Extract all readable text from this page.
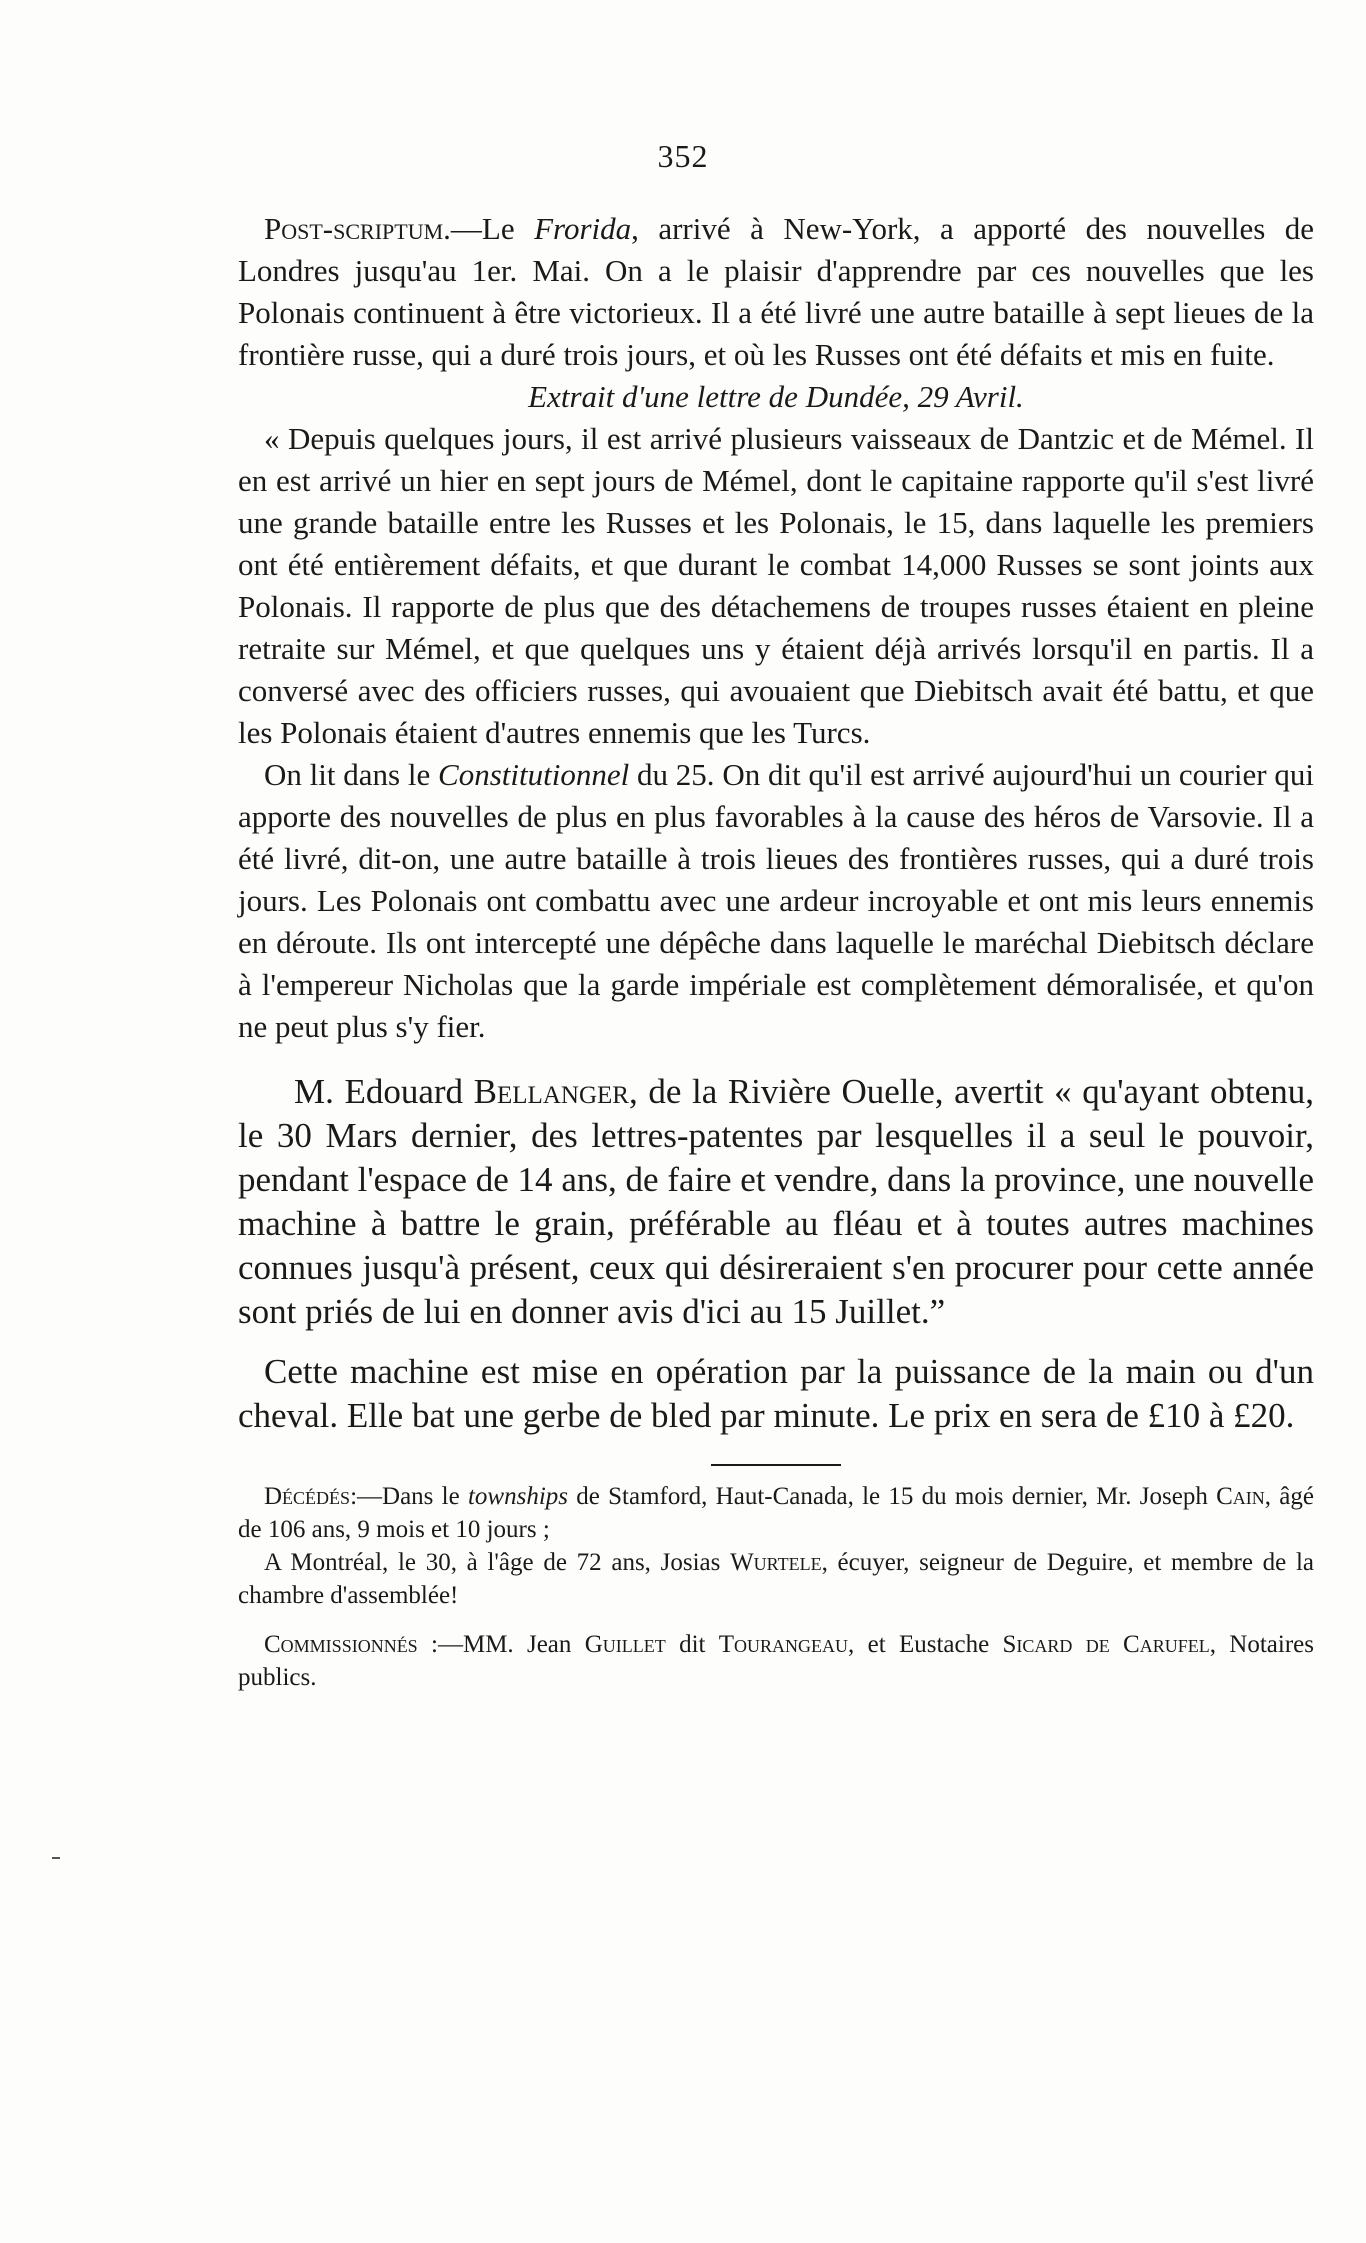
352

Post-scriptum.—Le Frorida, arrivé à New-York, a apporté des nouvelles de Londres jusqu'au 1er. Mai. On a le plaisir d'apprendre par ces nouvelles que les Polonais continuent à être victorieux. Il a été livré une autre bataille à sept lieues de la frontière russe, qui a duré trois jours, et où les Russes ont été défaits et mis en fuite.

Extrait d'une lettre de Dundée, 29 Avril.

« Depuis quelques jours, il est arrivé plusieurs vaisseaux de Dantzic et de Mémel. Il en est arrivé un hier en sept jours de Mémel, dont le capitaine rapporte qu'il s'est livré une grande bataille entre les Russes et les Polonais, le 15, dans laquelle les premiers ont été entièrement défaits, et que durant le combat 14,000 Russes se sont joints aux Polonais. Il rapporte de plus que des détachemens de troupes russes étaient en pleine retraite sur Mémel, et que quelques uns y étaient déjà arrivés lorsqu'il en partis. Il a conversé avec des officiers russes, qui avouaient que Diebitsch avait été battu, et que les Polonais étaient d'autres ennemis que les Turcs.

On lit dans le Constitutionnel du 25. On dit qu'il est arrivé aujourd'hui un courier qui apporte des nouvelles de plus en plus favorables à la cause des héros de Varsovie. Il a été livré, dit-on, une autre bataille à trois lieues des frontières russes, qui a duré trois jours. Les Polonais ont combattu avec une ardeur incroyable et ont mis leurs ennemis en déroute. Ils ont intercepté une dépêche dans laquelle le maréchal Diebitsch déclare à l'empereur Nicholas que la garde impériale est complètement démoralisée, et qu'on ne peut plus s'y fier.

M. Edouard Bellanger, de la Rivière Ouelle, avertit « qu'ayant obtenu, le 30 Mars dernier, des lettres-patentes par lesquelles il a seul le pouvoir, pendant l'espace de 14 ans, de faire et vendre, dans la province, une nouvelle machine à battre le grain, préférable au fléau et à toutes autres machines connues jusqu'à présent, ceux qui désireraient s'en procurer pour cette année sont priés de lui en donner avis d'ici au 15 Juillet.”

Cette machine est mise en opération par la puissance de la main ou d'un cheval. Elle bat une gerbe de bled par minute. Le prix en sera de £10 à £20.

Décédés:—Dans le townships de Stamford, Haut-Canada, le 15 du mois dernier, Mr. Joseph Cain, âgé de 106 ans, 9 mois et 10 jours ;

A Montréal, le 30, à l'âge de 72 ans, Josias Wurtele, écuyer, seigneur de Deguire, et membre de la chambre d'assemblée!

Commissionnés :—MM. Jean Guillet dit Tourangeau, et Eustache Sicard de Carufel, Notaires publics.
